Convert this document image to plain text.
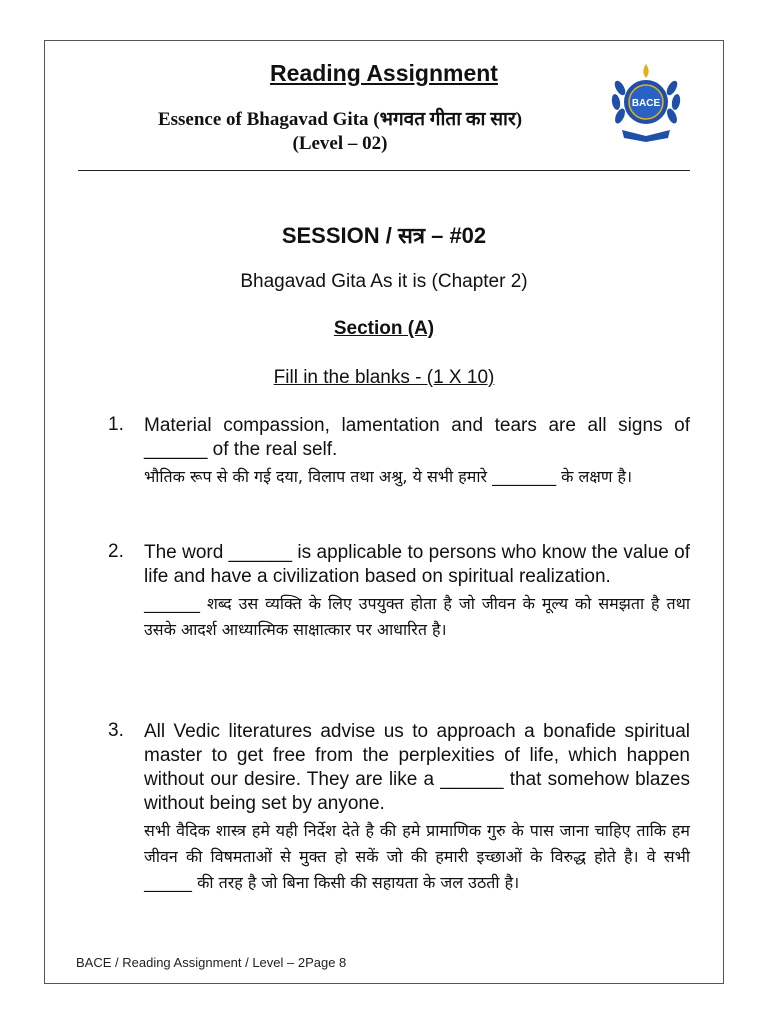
Reading Assignment
Essence of Bhagavad Gita (भगवत गीता का सार)
(Level – 02)
BACE
SESSION / सत्र – #02
Bhagavad Gita As it is (Chapter 2)
Section (A)
Fill in the blanks - (1 X 10)
1. Material compassion, lamentation and tears are all signs of ______ of the real self.
भौतिक रूप से की गई दया, विलाप तथा अश्रु, ये सभी हमारे ________ के लक्षण है।
2. The word ______ is applicable to persons who know the value of life and have a civilization based on spiritual realization.
_______ शब्द उस व्यक्ति के लिए उपयुक्त होता है जो जीवन के मूल्य को समझता है तथा उसके आदर्श आध्यात्मिक साक्षात्कार पर आधारित है।
3. All Vedic literatures advise us to approach a bonafide spiritual master to get free from the perplexities of life, which happen without our desire. They are like a ______ that somehow blazes without being set by anyone.
सभी वैदिक शास्त्र हमे यही निर्देश देते है की हमे प्रामाणिक गुरु के पास जाना चाहिए ताकि हम जीवन की विषमताओं से मुक्त हो सकें जो की हमारी इच्छाओं के विरुद्ध होते है। वे सभी ______ की तरह है जो बिना किसी की सहायता के जल उठती है।
BACE / Reading Assignment / Level – 2Page 8
